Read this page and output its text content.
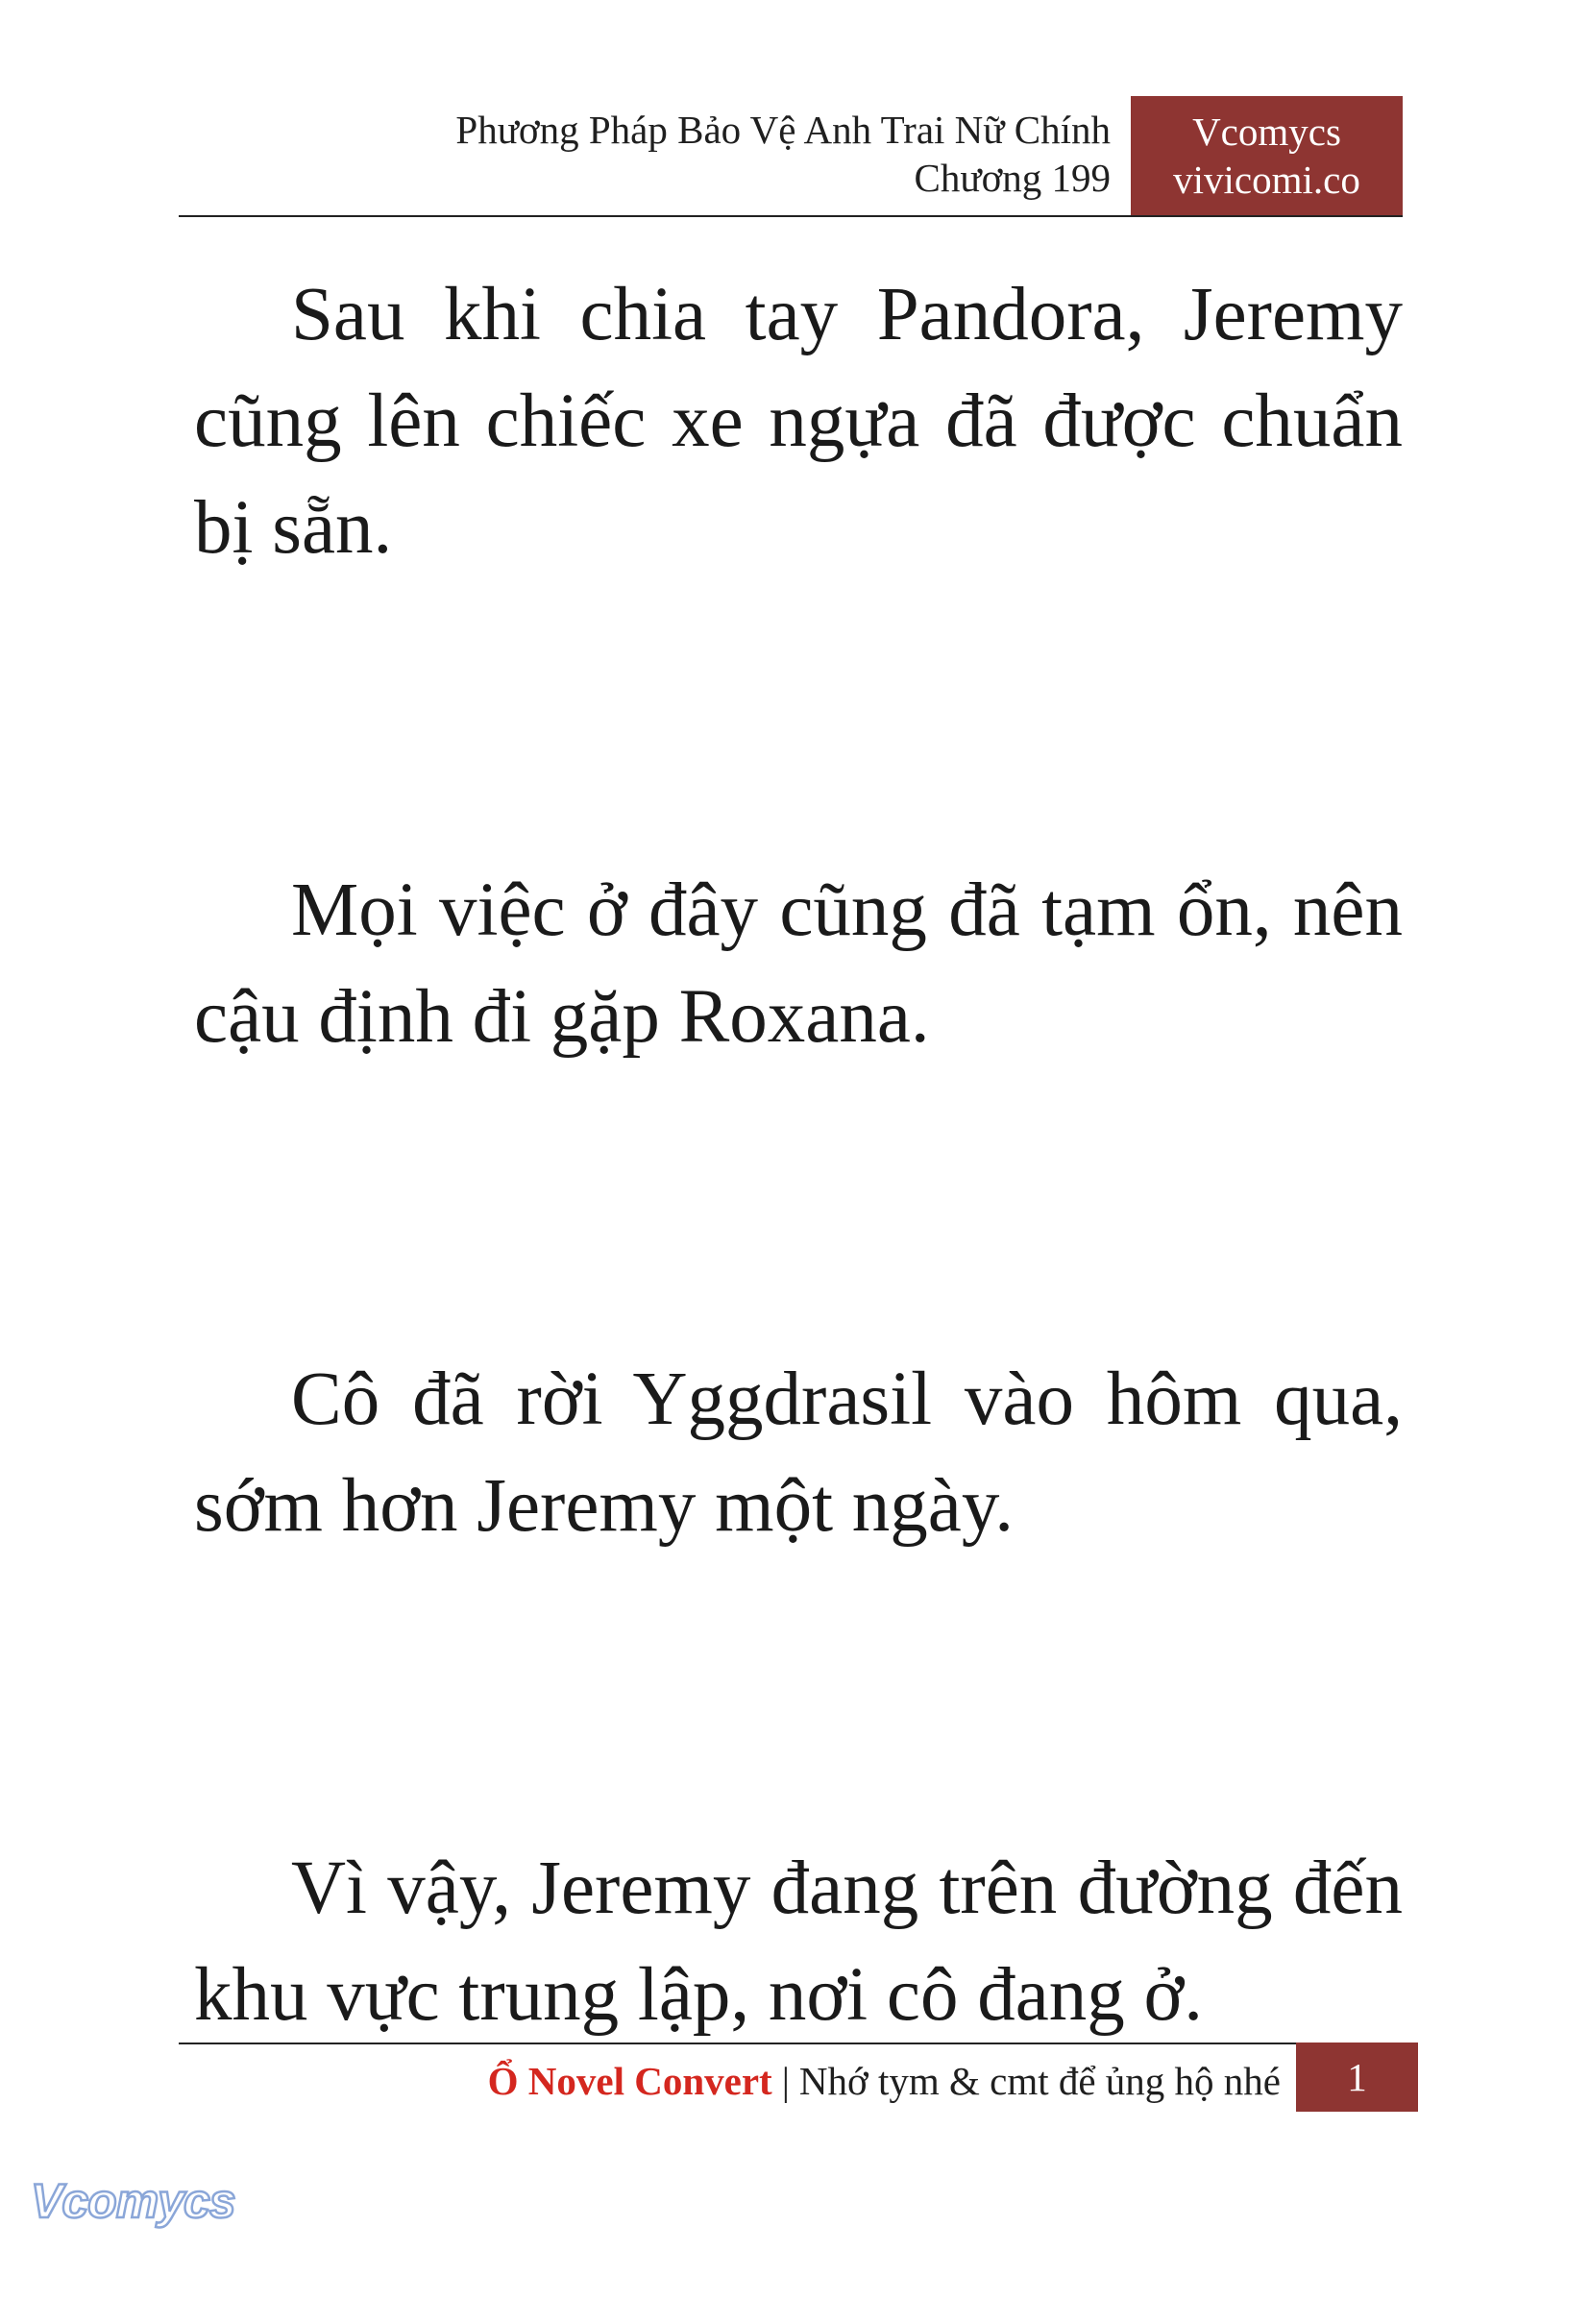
Phương Pháp Bảo Vệ Anh Trai Nữ Chính
Chương 199
Vcomycs
vivicomi.co

Sau khi chia tay Pandora, Jeremy cũng lên chiếc xe ngựa đã được chuẩn bị sẵn.

Mọi việc ở đây cũng đã tạm ổn, nên cậu định đi gặp Roxana.

Cô đã rời Yggdrasil vào hôm qua, sớm hơn Jeremy một ngày.

Vì vậy, Jeremy đang trên đường đến khu vực trung lập, nơi cô đang ở.

Ổ Novel Convert | Nhớ tym & cmt để ủng hộ nhé	1
Vcomycs
